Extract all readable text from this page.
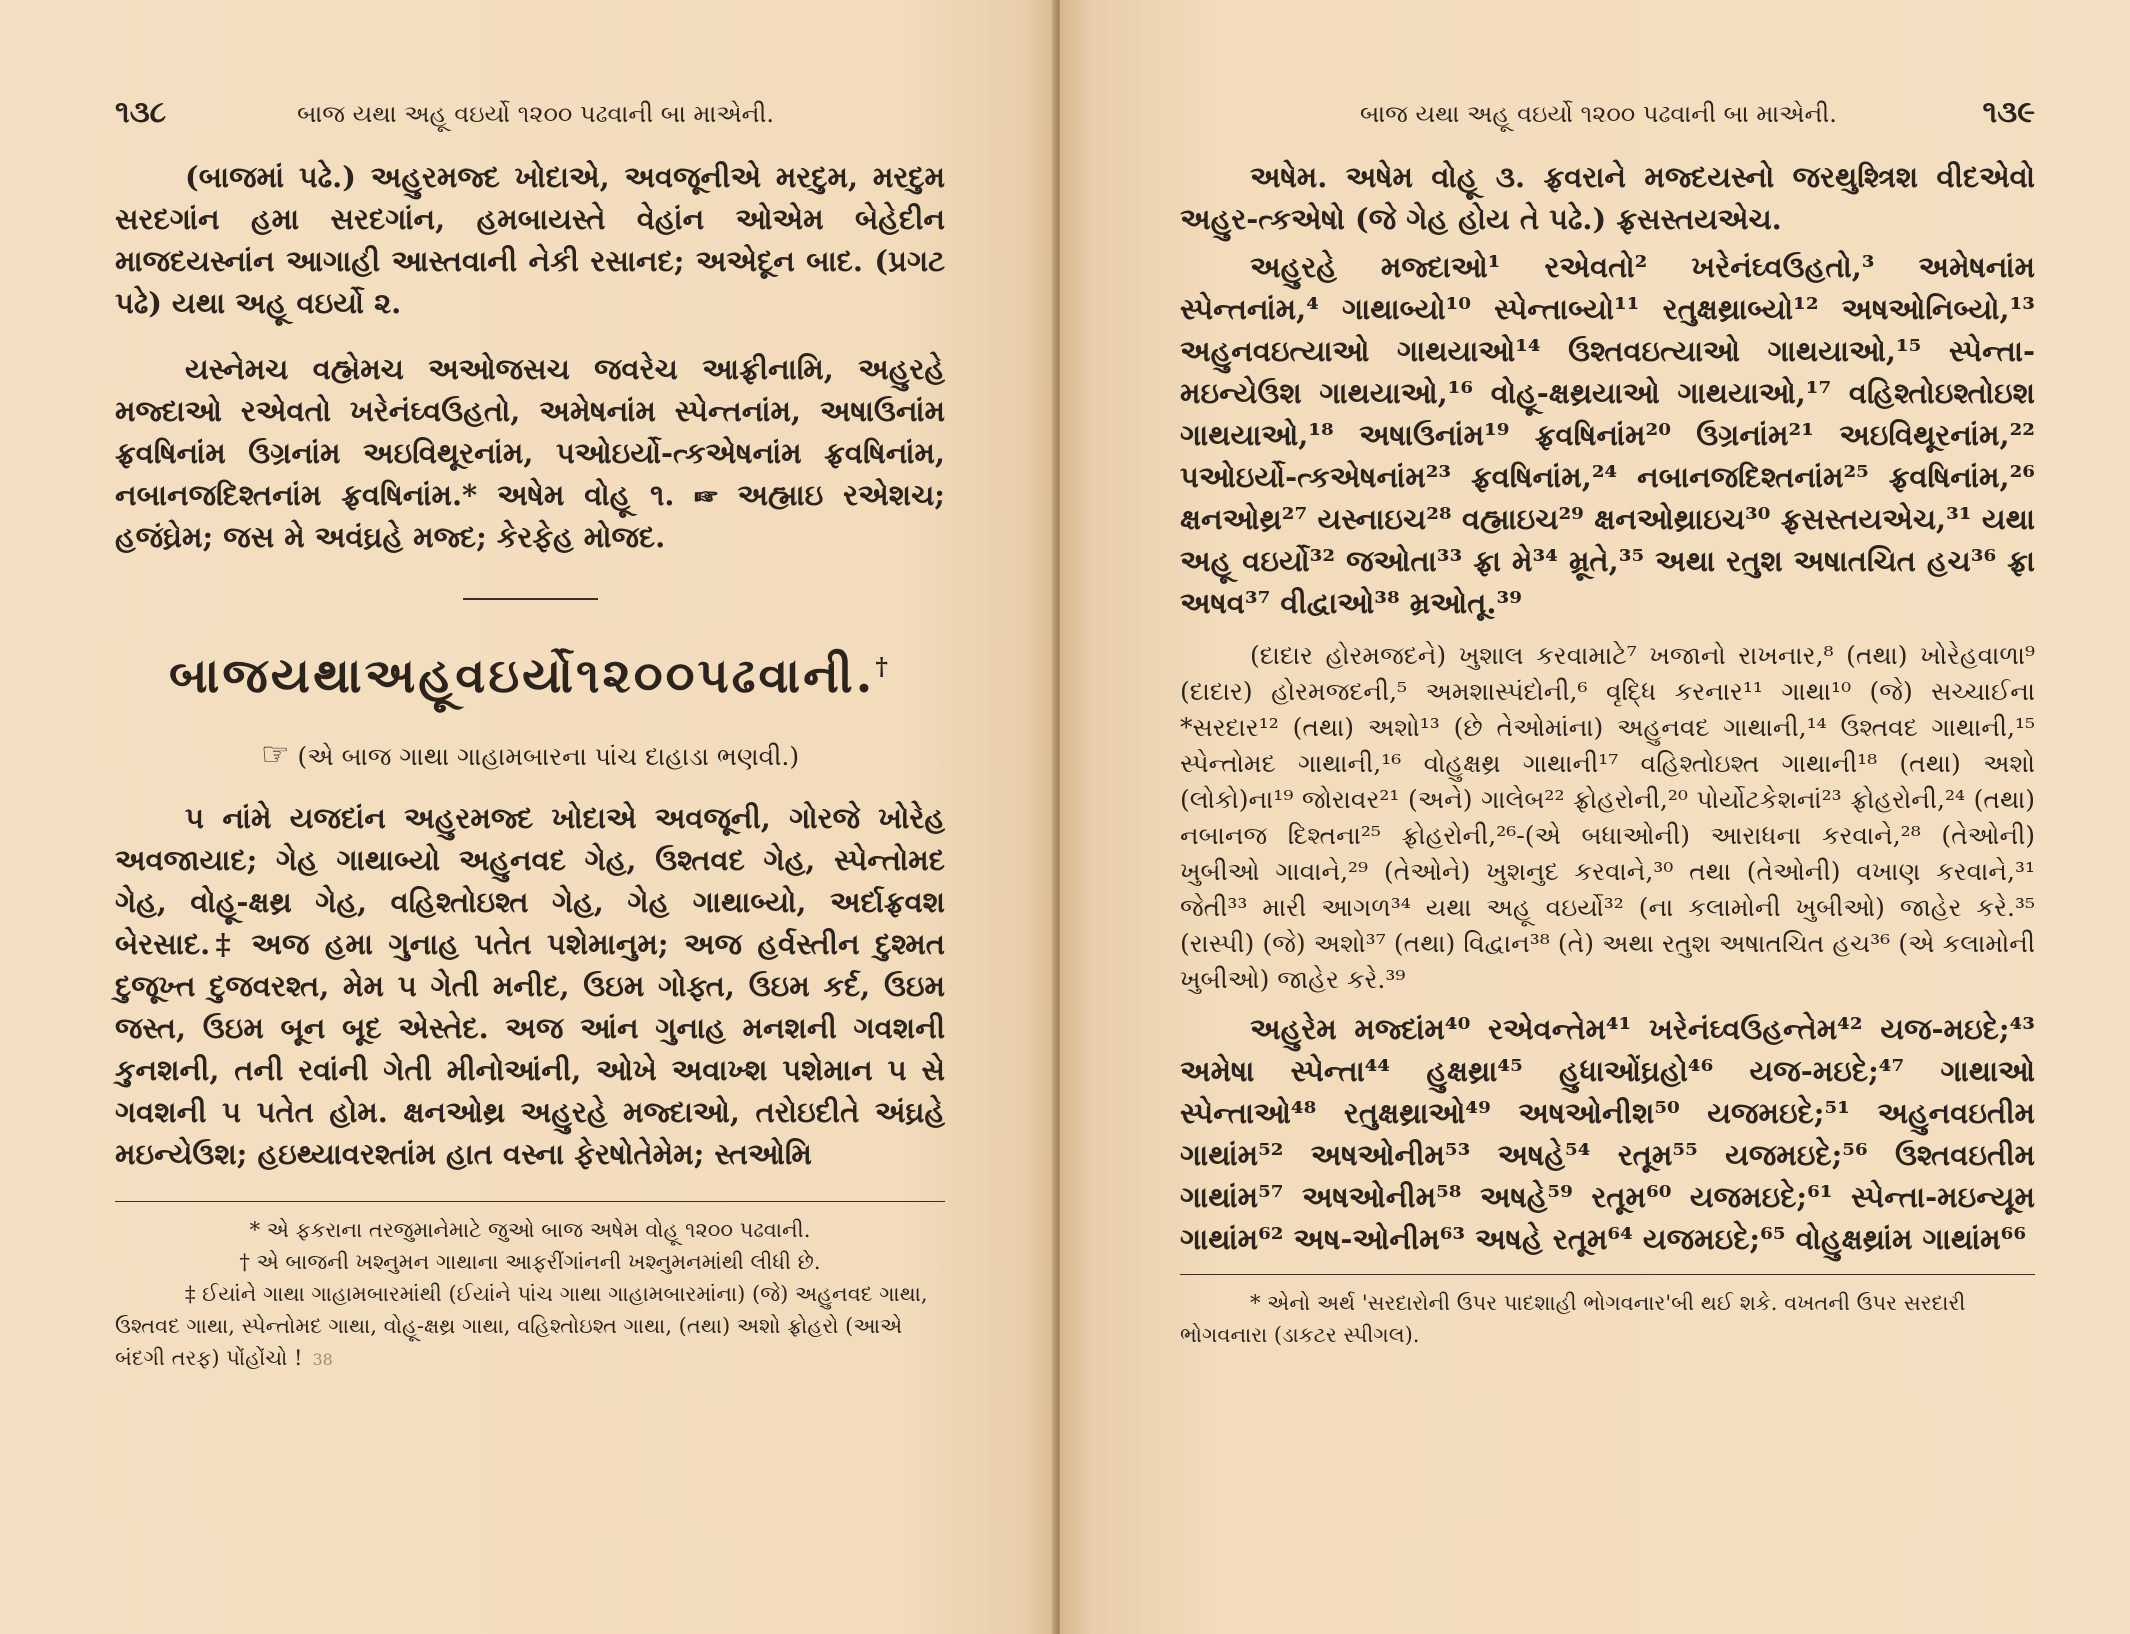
૧૩૮	બાજ યથા અહૂ વઇર્યો ૧૨૦૦ પઢવાની બા માએની.

(બાજમાં પઢે.) અહુરમજ્દ ખોદાએ, અવજૂનીએ મરદુમ, મરદુમ સરદગાંન હમા સરદગાંન, હમબાયસ્તે વેહાંન ઓએમ બેહેદીન માજદયસ્નાંન આગાહી આસ્તવાની નેકી રસાનદ; અએદૂન બાદ. (પ્રગટ પઢે) યથા અહૂ વઇર્યો ૨.

યસ્નેમચ વહ્મેમચ અઓજસચ જવરેચ આફ્રીનામિ, અહુરહે મજ્દાઓ રએવતો ખરેનંઘ્વઉહતો, અમેષનાંમ સ્પેન્તનાંમ, અષાઉનાંમ ફ્રવષિનાંમ ઉગ્રનાંમ અઇવિથૂરનાંમ, પઓઇર્યો-ત્કએષનાંમ ફ્રવષિનાંમ, નબાનજદિશ્તનાંમ ફ્રવષિનાંમ.* અષેમ વોહૂ ૧. ☞ અહ્માઇ રએશચ; હજંઘ્રેમ; જસ મે અવંઘ્રહે મજ્દ; કેરફેહ મોજદ.

બાજયથાઅહૂવઇર્યો૧૨૦૦પઢવાની.†
☞ (એ બાજ ગાથા ગાહામબારના પાંચ દાહાડા ભણવી.)

૫ નાંમે યજદાંન અહુરમજ્દ ખોદાએ અવજૂની, ગોરજે ખોરેહ અવજાયાદ; ગેહ ગાથાબ્યો અહુનવદ ગેહ, ઉશ્તવદ ગેહ, સ્પેન્તોમદ ગેહ, વોહૂ-ક્ષથ્ર ગેહ, વહિશ્તોઇશ્ત ગેહ, ગેહ ગાથાબ્યો, અર્દાફ્રવશ બેરસાદ.‡ અજ હમા ગુનાહ પતેત પશેમાનુમ; અજ હર્વસ્તીન દુશ્મત દુજૂખ્ત દુજવરશ્ત, મેમ ૫ ગેતી મનીદ, ઉઇમ ગોફ્ત, ઉઇમ કર્દ, ઉઇમ જસ્ત, ઉઇમ બૂન બૂદ એસ્તેદ. અજ આંન ગુનાહ મનશની ગવશની કુનશની, તની રવાંની ગેતી મીનોઆંની, ઓખે અવાખ્શ પશેમાન ૫ સે ગવશની ૫ પતેત હોમ. ક્ષનઓથ્ર અહુરહે મજ્દાઓ, તરોઇદીતે અંઘ્રહે મઇન્યેઉશ; હઇથ્યાવરશ્તાંમ હાત વસ્ના ફેરષોતેમેમ; સ્તઓમિ

* એ ફકરાના તરજુમાનેમાટે જુઓ બાજ અષેમ વોહૂ ૧૨૦૦ પઢવાની.

† એ બાજની ખશ્નુમન ગાથાના આફરીંગાંનની ખશ્નુમનમાંથી લીધી છે.

‡ ઈયાંને ગાથા ગાહામબારમાંથી (ઈયાંને પાંચ ગાથા ગાહામબારમાંના) (જે) અહુનવદ ગાથા, ઉશ્તવદ ગાથા, સ્પેન્તોમદ ગાથા, વોહૂ-ક્ષથ્ર ગાથા, વહિશ્તોઇશ્ત ગાથા, (તથા) અશો ફ્રોહરો (આએ બંદગી તરફ) પોંહોંચો ! 38

બાજ યથા અહૂ વઇર્યો ૧૨૦૦ પઢવાની બા માએની.	૧૩૯

અષેમ. અષેમ વોહૂ ૩. ફ્રવરાને મજ્દયસ્નો જરથુશ્ત્રિશ વીદએવો અહુર-ત્કએષો (જે ગેહ હોય તે પઢે.) ફ્રસસ્તયએચ.

અહુરહે મજ્દાઓ¹ રએવતો² ખરેનંઘ્વઉહતો,³ અમેષનાંમ સ્પેન્તનાંમ,⁴ ગાથાબ્યો¹⁰ સ્પેન્તાબ્યો¹¹ રતુક્ષથ્રાબ્યો¹² અષઓનિબ્યો,¹³ અહુનવઇત્યાઓ ગાથયાઓ¹⁴ ઉશ્તવઇત્યાઓ ગાથયાઓ,¹⁵ સ્પેન્તા-મઇન્યેઉશ ગાથયાઓ,¹⁶ વોહૂ-ક્ષથ્રયાઓ ગાથયાઓ,¹⁷ વહિશ્તોઇશ્તોઇશ ગાથયાઓ,¹⁸ અષાઉનાંમ¹⁹ ફ્રવષિનાંમ²⁰ ઉગ્રનાંમ²¹ અઇવિથૂરનાંમ,²² પઓઇર્યો-ત્કએષનાંમ²³ ફ્રવષિનાંમ,²⁴ નબાનજદિશ્તનાંમ²⁵ ફ્રવષિનાંમ,²⁶ ક્ષનઓથ્ર²⁷ યસ્નાઇચ²⁸ વહ્માઇચ²⁹ ક્ષનઓથ્રાઇચ³⁰ ફ્રસસ્તયએચ,³¹ યથા અહૂ વઇર્યો³² જઓતા³³ ફ્રા મે³⁴ મ્રૂતે,³⁵ અથા રતુશ અષાતચિત હચ³⁶ ફ્રા અષવ³⁷ વીદ્વાઓ³⁸ મ્રઓતૂ.³⁹

(દાદાર હોરમજદને) ખુશાલ કરવામાટે⁷ ખજાનો રાખનાર,⁸ (તથા) ખોરેહવાળા⁹ (દાદાર) હોરમજદની,⁵ અમશાસ્પંદોની,⁶ વૃદ્ધિ કરનાર¹¹ ગાથા¹⁰ (જે) સચ્ચાઈના *સરદાર¹² (તથા) અશો¹³ (છે તેઓમાંના) અહુનવદ ગાથાની,¹⁴ ઉશ્તવદ ગાથાની,¹⁵ સ્પેન્તોમદ ગાથાની,¹⁶ વોહુક્ષથ્ર ગાથાની¹⁷ વહિશ્તોઇશ્ત ગાથાની¹⁸ (તથા) અશો (લોકો)ના¹⁹ જોરાવર²¹ (અને) ગાલેબ²² ફ્રોહરોની,²⁰ પોર્યોટકેશનાં²³ ફ્રોહરોની,²⁴ (તથા) નબાનજ દિશ્તના²⁵ ફ્રોહરોની,²⁶-(એ બધાઓની) આરાધના કરવાને,²⁸ (તેઓની) ખુબીઓ ગાવાને,²⁹ (તેઓને) ખુશનુદ કરવાને,³⁰ તથા (તેઓની) વખાણ કરવાને,³¹ જેતી³³ મારી આગળ³⁴ યથા અહૂ વઇર્યો³² (ના કલામોની ખુબીઓ) જાહેર કરે.³⁵ (રાસ્પી) (જે) અશો³⁷ (તથા) વિદ્વાન³⁸ (તે) અથા રતુશ અષાતચિત હચ³⁶ (એ કલામોની ખુબીઓ) જાહેર કરે.³⁹

અહુરેમ મજ્દાંમ⁴⁰ રએવન્તેમ⁴¹ ખરેનંઘ્વઉહન્તેમ⁴² યજ-મઇદે;⁴³ અમેષા સ્પેન્તા⁴⁴ હુક્ષથ્રા⁴⁵ હુધાઓંઘ્રહો⁴⁶ યજ-મઇદે;⁴⁷ ગાથાઓ સ્પેન્તાઓ⁴⁸ રતુક્ષથ્રાઓ⁴⁹ અષઓનીશ⁵⁰ યજમઇદે;⁵¹ અહુનવઇતીમ ગાથાંમ⁵² અષઓનીમ⁵³ અષહે⁵⁴ રતૂમ⁵⁵ યજમઇદે;⁵⁶ ઉશ્તવઇતીમ ગાથાંમ⁵⁷ અષઓનીમ⁵⁸ અષહે⁵⁹ રતૂમ⁶⁰ યજમઇદે;⁶¹ સ્પેન્તા-મઇન્યૂમ ગાથાંમ⁶² અષ-ઓનીમ⁶³ અષહે રતૂમ⁶⁴ યજમઇદે;⁶⁵ વોહુક્ષથ્રાંમ ગાથાંમ⁶⁶

* એનો અર્થ 'સરદારોની ઉપર પાદશાહી ભોગવનાર'બી થઈ શકે. વખતની ઉપર સરદારી ભોગવનારા (ડાકટર સ્પીગલ).
